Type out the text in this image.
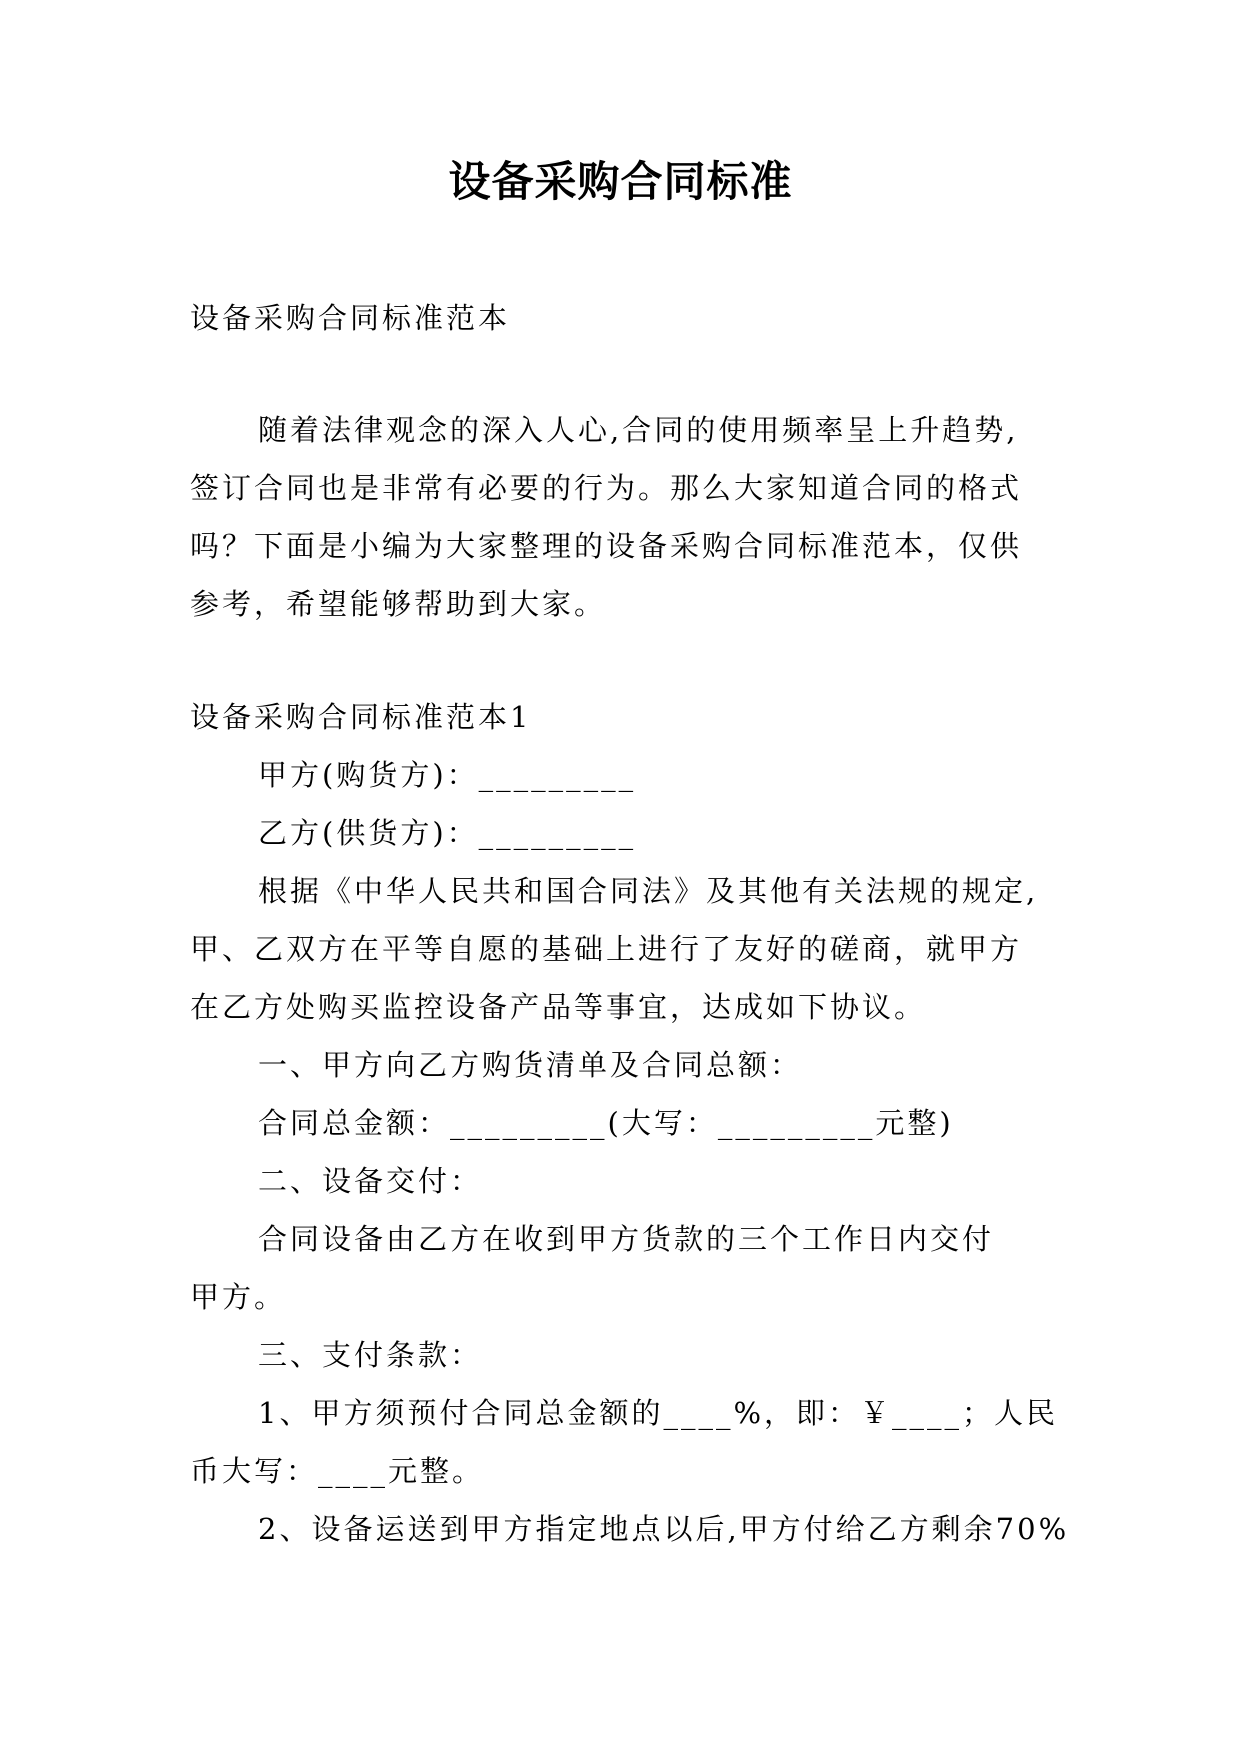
设备采购合同标准
设备采购合同标准范本
随着法律观念的深入人心,合同的使用频率呈上升趋势,
签订合同也是非常有必要的行为。那么大家知道合同的格式
吗？下面是小编为大家整理的设备采购合同标准范本，仅供
参考，希望能够帮助到大家。
设备采购合同标准范本1
甲方(购货方)：_________
乙方(供货方)：_________
根据《中华人民共和国合同法》及其他有关法规的规定,
甲、乙双方在平等自愿的基础上进行了友好的磋商，就甲方
在乙方处购买监控设备产品等事宜，达成如下协议。
一、甲方向乙方购货清单及合同总额：
合同总金额：_________(大写：_________元整)
二、设备交付：
合同设备由乙方在收到甲方货款的三个工作日内交付
甲方。
三、支付条款：
1、甲方须预付合同总金额的____%，即：￥____；人民
币大写：____元整。
2、设备运送到甲方指定地点以后,甲方付给乙方剩余70%
